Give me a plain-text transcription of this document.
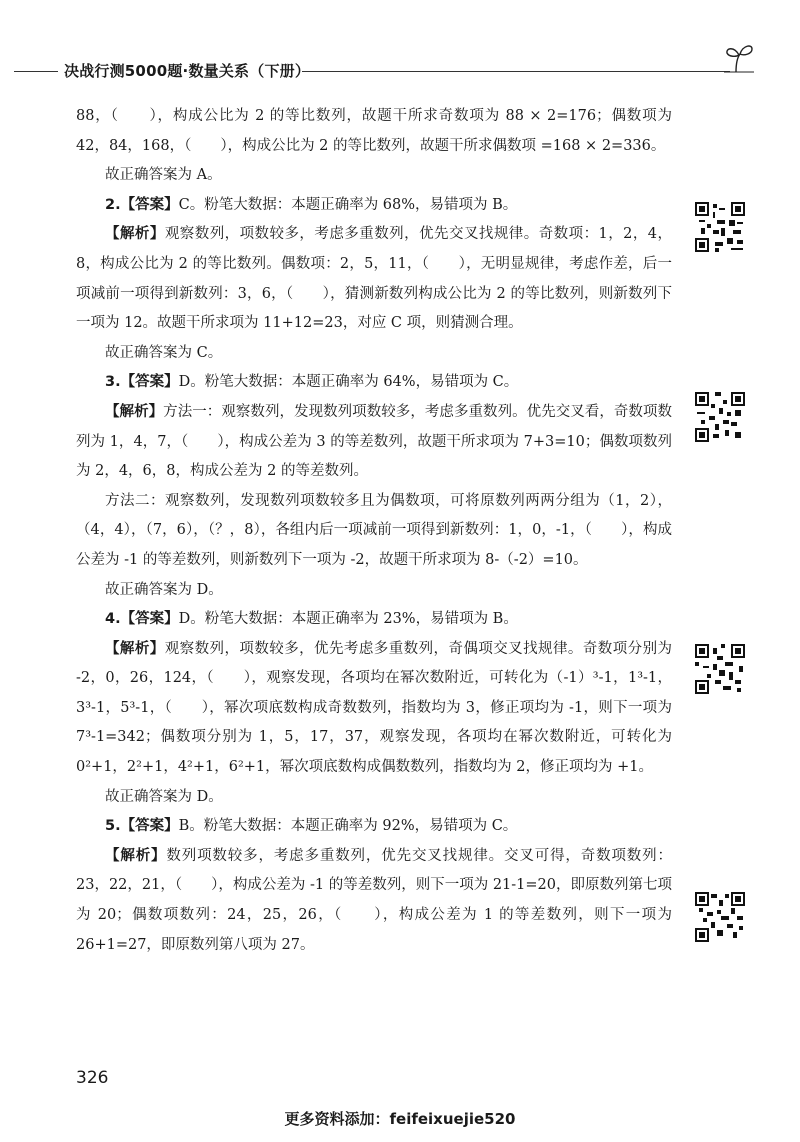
决战行测5000题·数量关系（下册）

88，（　　），构成公比为 2 的等比数列，故题干所求奇数项为 88 × 2=176；偶数项为 42，84，168，（　　），构成公比为 2 的等比数列，故题干所求偶数项 =168 × 2=336。

故正确答案为 A。

2.【答案】C。粉笔大数据：本题正确率为 68%，易错项为 B。

【解析】观察数列，项数较多，考虑多重数列，优先交叉找规律。奇数项：1，2，4，8，构成公比为 2 的等比数列。偶数项：2，5，11，（　　），无明显规律，考虑作差，后一项减前一项得到新数列：3，6，（　　），猜测新数列构成公比为 2 的等比数列，则新数列下一项为 12。故题干所求项为 11+12=23，对应 C 项，则猜测合理。

故正确答案为 C。

3.【答案】D。粉笔大数据：本题正确率为 64%，易错项为 C。

【解析】方法一：观察数列，发现数列项数较多，考虑多重数列。优先交叉看，奇数项数列为 1，4，7，（　　），构成公差为 3 的等差数列，故题干所求项为 7+3=10；偶数项数列为 2，4，6，8，构成公差为 2 的等差数列。

方法二：观察数列，发现数列项数较多且为偶数项，可将原数列两两分组为（1，2），（4，4），（7，6），（？，8），各组内后一项减前一项得到新数列：1，0，-1，（　　），构成公差为 -1 的等差数列，则新数列下一项为 -2，故题干所求项为 8-（-2）=10。

故正确答案为 D。

4.【答案】D。粉笔大数据：本题正确率为 23%，易错项为 B。

【解析】观察数列，项数较多，优先考虑多重数列，奇偶项交叉找规律。奇数项分别为 -2，0，26，124，（　　），观察发现，各项均在幂次数附近，可转化为（-1）³-1，1³-1，3³-1，5³-1，（　　），幂次项底数构成奇数数列，指数均为 3，修正项均为 -1，则下一项为 7³-1=342；偶数项分别为 1，5，17，37，观察发现，各项均在幂次数附近，可转化为 0²+1，2²+1，4²+1，6²+1，幂次项底数构成偶数数列，指数均为 2，修正项均为 +1。

故正确答案为 D。

5.【答案】B。粉笔大数据：本题正确率为 92%，易错项为 C。

【解析】数列项数较多，考虑多重数列，优先交叉找规律。交叉可得，奇数项数列：23，22，21，（　　），构成公差为 -1 的等差数列，则下一项为 21-1=20，即原数列第七项为 20；偶数项数列：24，25，26，（　　），构成公差为 1 的等差数列，则下一项为 26+1=27，即原数列第八项为 27。

326
更多资料添加：feifeixuejie520
